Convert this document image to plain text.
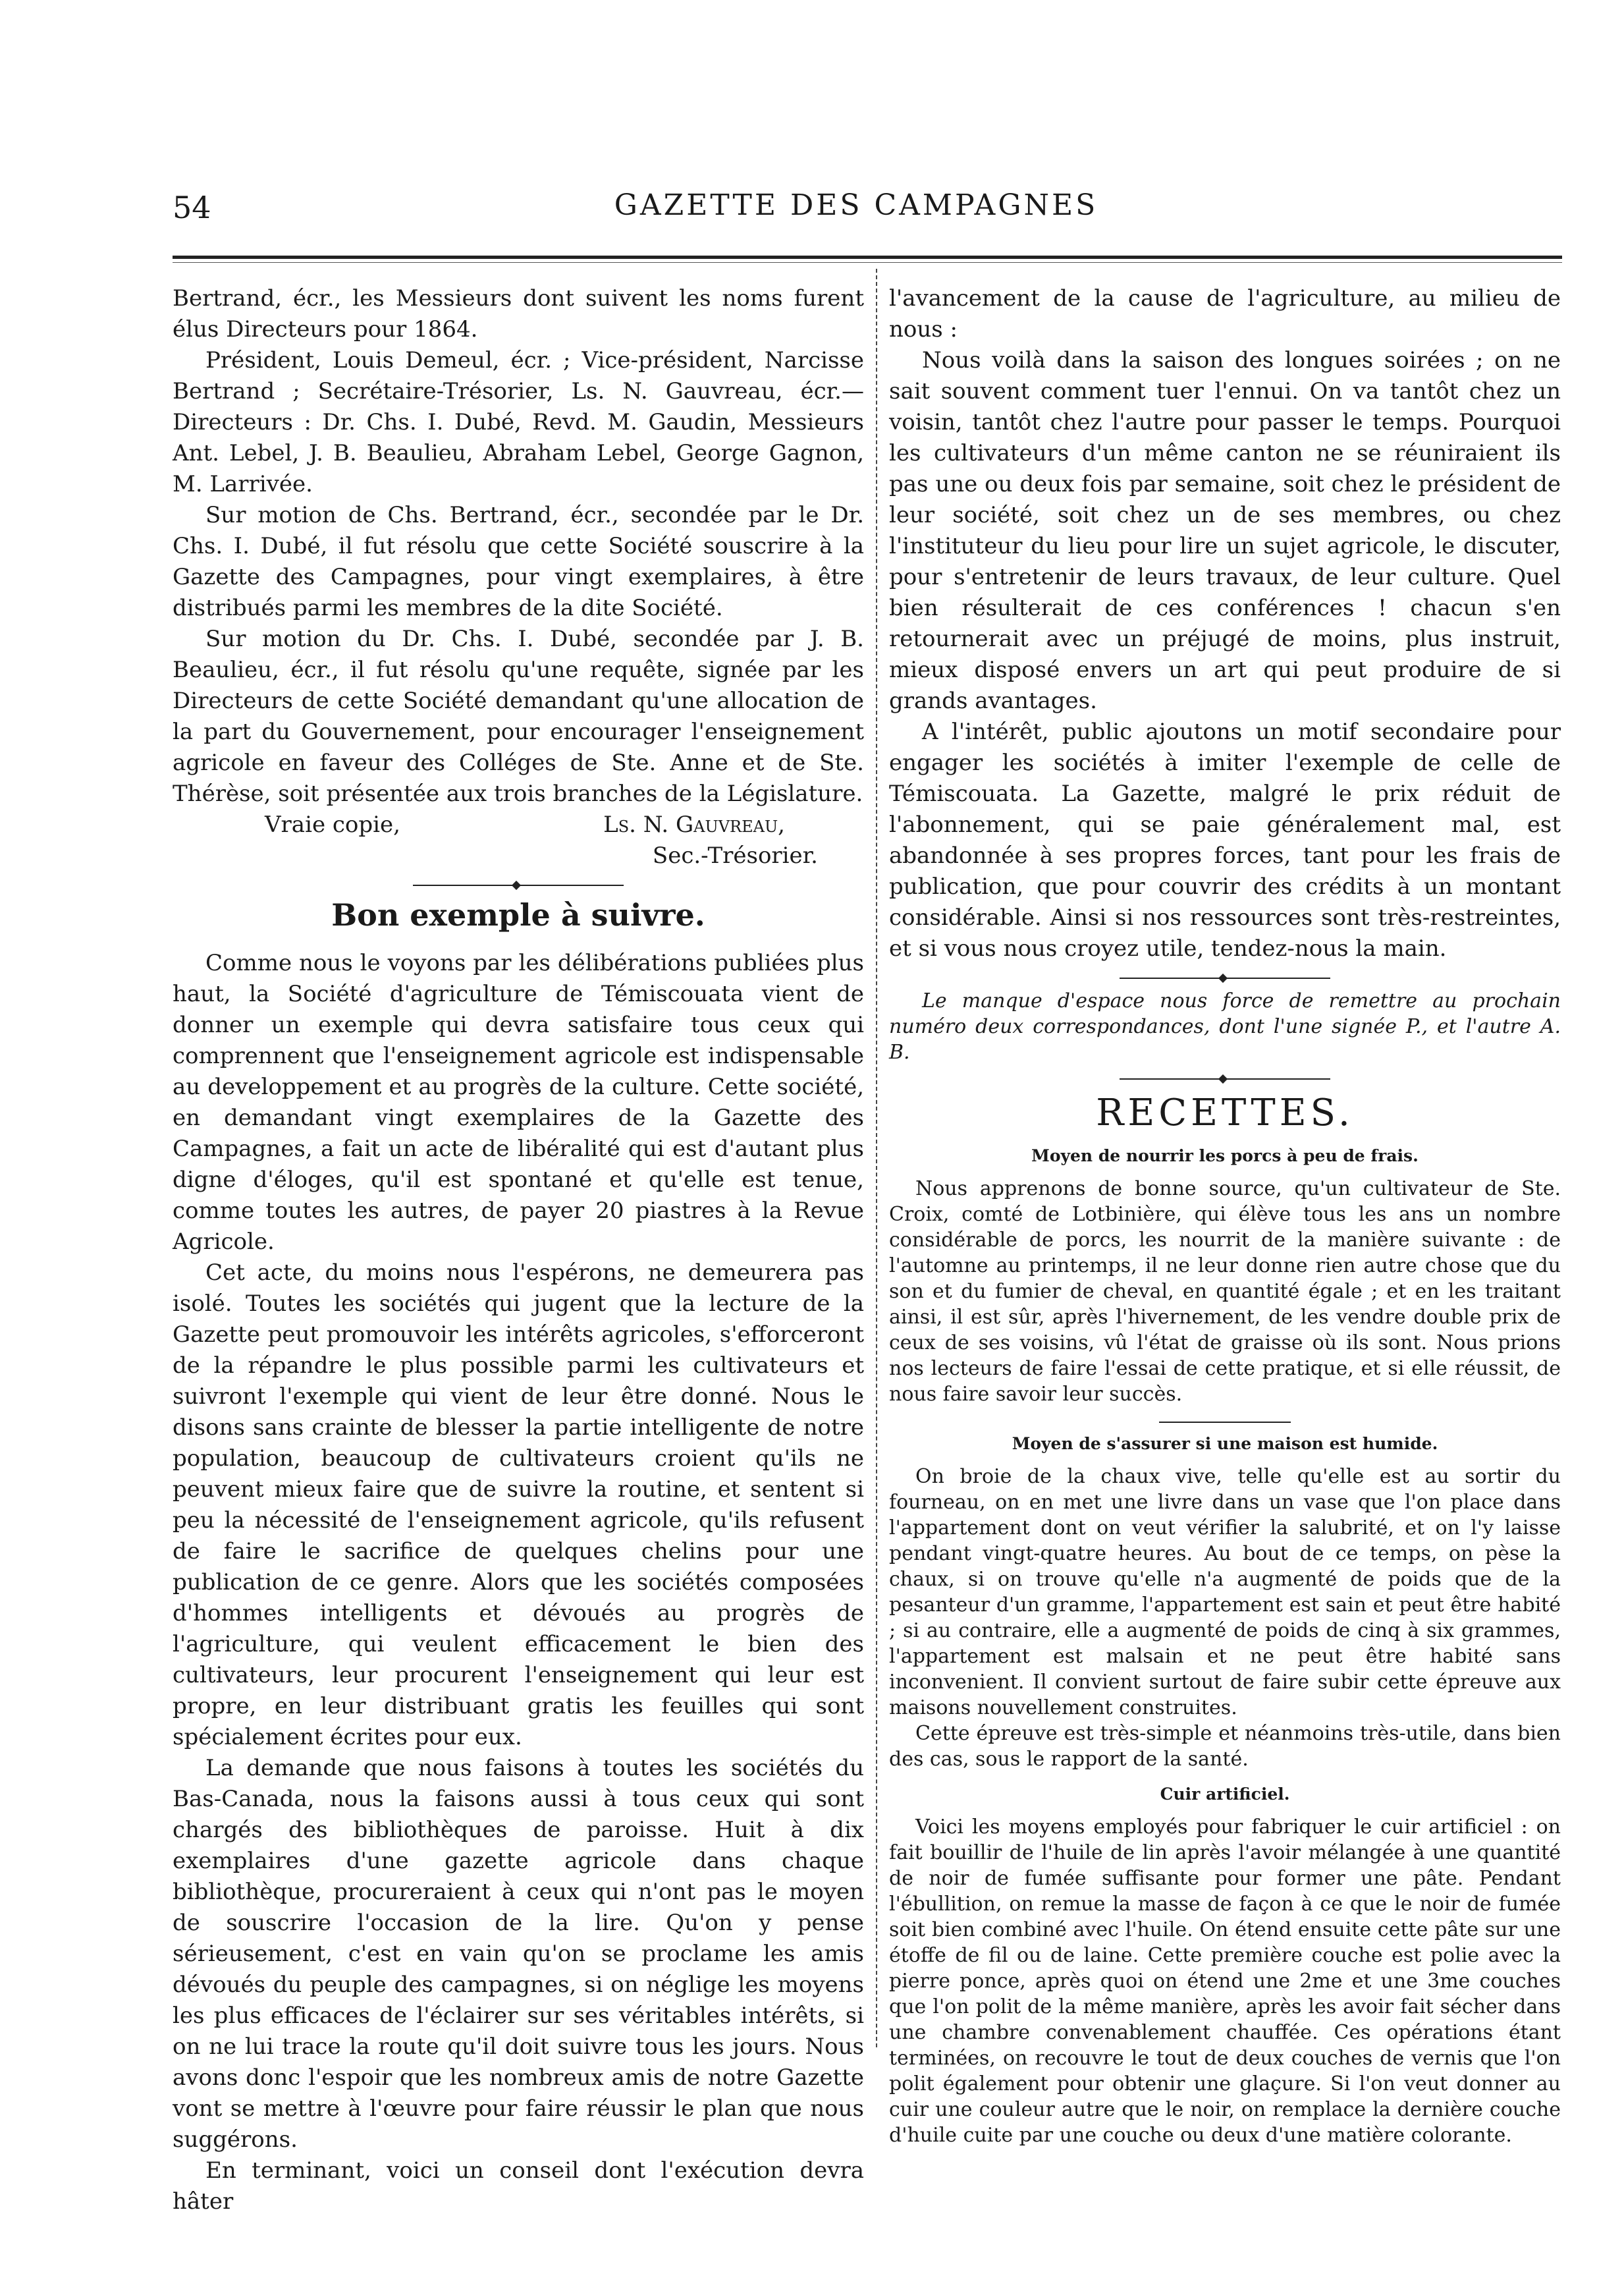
54	GAZETTE DES CAMPAGNES

Bertrand, écr., les Messieurs dont suivent les noms furent élus Directeurs pour 1864.

Président, Louis Demeul, écr. ; Vice-président, Narcisse Bertrand ; Secrétaire-Trésorier, Ls. N. Gauvreau, écr.—Directeurs : Dr. Chs. I. Dubé, Revd. M. Gaudin, Messieurs Ant. Lebel, J. B. Beaulieu, Abraham Lebel, George Gagnon, M. Larrivée.

Sur motion de Chs. Bertrand, écr., secondée par le Dr. Chs. I. Dubé, il fut résolu que cette Société souscrire à la Gazette des Campagnes, pour vingt exemplaires, à être distribués parmi les membres de la dite Société.

Sur motion du Dr. Chs. I. Dubé, secondée par J. B. Beaulieu, écr., il fut résolu qu'une requête, signée par les Directeurs de cette Société demandant qu'une allocation de la part du Gouvernement, pour encourager l'enseignement agricole en faveur des Colléges de Ste. Anne et de Ste. Thérèse, soit présentée aux trois branches de la Législature.

Vraie copie,	Ls. N. Gauvreau,
Sec.-Trésorier.
Bon exemple à suivre.

Comme nous le voyons par les délibérations publiées plus haut, la Société d'agriculture de Témiscouata vient de donner un exemple qui devra satisfaire tous ceux qui comprennent que l'enseignement agricole est indispensable au developpement et au progrès de la culture. Cette société, en demandant vingt exemplaires de la Gazette des Campagnes, a fait un acte de libéralité qui est d'autant plus digne d'éloges, qu'il est spontané et qu'elle est tenue, comme toutes les autres, de payer 20 piastres à la Revue Agricole.

Cet acte, du moins nous l'espérons, ne demeurera pas isolé. Toutes les sociétés qui jugent que la lecture de la Gazette peut promouvoir les intérêts agricoles, s'efforceront de la répandre le plus possible parmi les cultivateurs et suivront l'exemple qui vient de leur être donné. Nous le disons sans crainte de blesser la partie intelligente de notre population, beaucoup de cultivateurs croient qu'ils ne peuvent mieux faire que de suivre la routine, et sentent si peu la nécessité de l'enseignement agricole, qu'ils refusent de faire le sacrifice de quelques chelins pour une publication de ce genre. Alors que les sociétés composées d'hommes intelligents et dévoués au progrès de l'agriculture, qui veulent efficacement le bien des cultivateurs, leur procurent l'enseignement qui leur est propre, en leur distribuant gratis les feuilles qui sont spécialement écrites pour eux.

La demande que nous faisons à toutes les sociétés du Bas-Canada, nous la faisons aussi à tous ceux qui sont chargés des bibliothèques de paroisse. Huit à dix exemplaires d'une gazette agricole dans chaque bibliothèque, procureraient à ceux qui n'ont pas le moyen de souscrire l'occasion de la lire. Qu'on y pense sérieusement, c'est en vain qu'on se proclame les amis dévoués du peuple des campagnes, si on néglige les moyens les plus efficaces de l'éclairer sur ses véritables intérêts, si on ne lui trace la route qu'il doit suivre tous les jours. Nous avons donc l'espoir que les nombreux amis de notre Gazette vont se mettre à l'œuvre pour faire réussir le plan que nous suggérons.

En terminant, voici un conseil dont l'exécution devra hâter

l'avancement de la cause de l'agriculture, au milieu de nous :

Nous voilà dans la saison des longues soirées ; on ne sait souvent comment tuer l'ennui. On va tantôt chez un voisin, tantôt chez l'autre pour passer le temps. Pourquoi les cultivateurs d'un même canton ne se réuniraient ils pas une ou deux fois par semaine, soit chez le président de leur société, soit chez un de ses membres, ou chez l'instituteur du lieu pour lire un sujet agricole, le discuter, pour s'entretenir de leurs travaux, de leur culture. Quel bien résulterait de ces conférences ! chacun s'en retournerait avec un préjugé de moins, plus instruit, mieux disposé envers un art qui peut produire de si grands avantages.

A l'intérêt, public ajoutons un motif secondaire pour engager les sociétés à imiter l'exemple de celle de Témiscouata. La Gazette, malgré le prix réduit de l'abonnement, qui se paie généralement mal, est abandonnée à ses propres forces, tant pour les frais de publication, que pour couvrir des crédits à un montant considérable. Ainsi si nos ressources sont très-restreintes, et si vous nous croyez utile, tendez-nous la main.

Le manque d'espace nous force de remettre au prochain numéro deux correspondances, dont l'une signée P., et l'autre A. B.

RECETTES.
Moyen de nourrir les porcs à peu de frais.

Nous apprenons de bonne source, qu'un cultivateur de Ste. Croix, comté de Lotbinière, qui élève tous les ans un nombre considérable de porcs, les nourrit de la manière suivante : de l'automne au printemps, il ne leur donne rien autre chose que du son et du fumier de cheval, en quantité égale ; et en les traitant ainsi, il est sûr, après l'hivernement, de les vendre double prix de ceux de ses voisins, vû l'état de graisse où ils sont. Nous prions nos lecteurs de faire l'essai de cette pratique, et si elle réussit, de nous faire savoir leur succès.

Moyen de s'assurer si une maison est humide.

On broie de la chaux vive, telle qu'elle est au sortir du fourneau, on en met une livre dans un vase que l'on place dans l'appartement dont on veut vérifier la salubrité, et on l'y laisse pendant vingt-quatre heures. Au bout de ce temps, on pèse la chaux, si on trouve qu'elle n'a augmenté de poids que de la pesanteur d'un gramme, l'appartement est sain et peut être habité ; si au contraire, elle a augmenté de poids de cinq à six grammes, l'appartement est malsain et ne peut être habité sans inconvenient. Il convient surtout de faire subir cette épreuve aux maisons nouvellement construites.

Cette épreuve est très-simple et néanmoins très-utile, dans bien des cas, sous le rapport de la santé.

Cuir artificiel.

Voici les moyens employés pour fabriquer le cuir artificiel : on fait bouillir de l'huile de lin après l'avoir mélangée à une quantité de noir de fumée suffisante pour former une pâte. Pendant l'ébullition, on remue la masse de façon à ce que le noir de fumée soit bien combiné avec l'huile. On étend ensuite cette pâte sur une étoffe de fil ou de laine. Cette première couche est polie avec la pierre ponce, après quoi on étend une 2me et une 3me couches que l'on polit de la même manière, après les avoir fait sécher dans une chambre convenablement chauffée. Ces opérations étant terminées, on recouvre le tout de deux couches de vernis que l'on polit également pour obtenir une glaçure. Si l'on veut donner au cuir une couleur autre que le noir, on remplace la dernière couche d'huile cuite par une couche ou deux d'une matière colorante.
